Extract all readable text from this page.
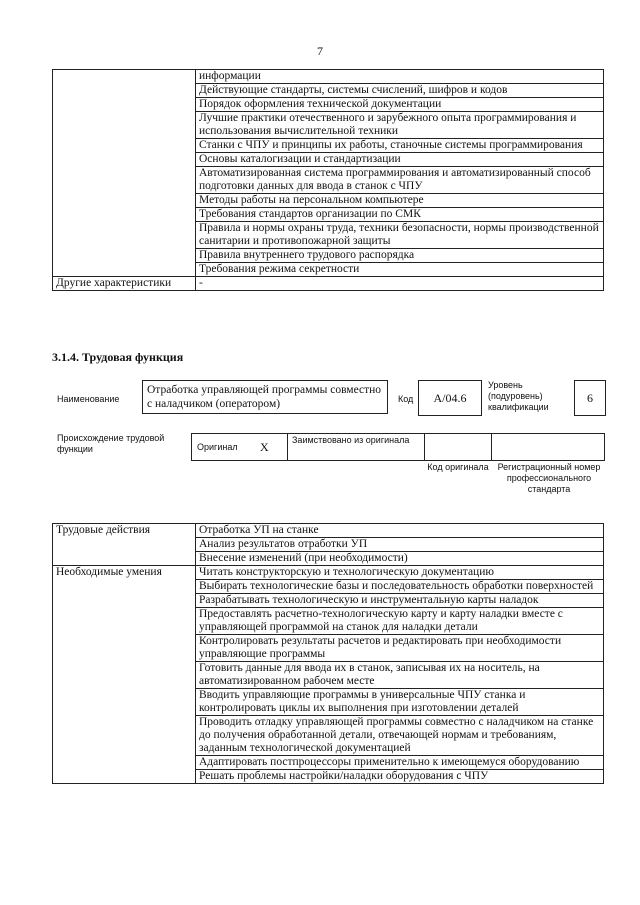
7
	информации
	Действующие стандарты, системы счислений, шифров и кодов
	Порядок оформления технической документации
	Лучшие практики отечественного и зарубежного опыта программирования и использования вычислительной техники
	Станки с ЧПУ и принципы их работы, станочные системы программирования
	Основы каталогизации и стандартизации
	Автоматизированная система программирования и автоматизированный способ подготовки данных для ввода в станок с ЧПУ
	Методы работы на персональном компьютере
	Требования стандартов организации по СМК
	Правила и нормы охраны труда, техники безопасности, нормы производственной санитарии и противопожарной защиты
	Правила внутреннего трудового распорядка
	Требования режима секретности
Другие характеристики	-
3.1.4. Трудовая функция
Наименование
Отработка управляющей программы совместно с наладчиком (оператором)	Код	А/04.6
Уровень (подуровень) квалификации
6
Происхождение трудовой функции	Оригинал X	Заимствовано из оригинала
Код оригинала Регистрационный номер профессионального стандарта
Трудовые действия	Отработка УП на станке
	Анализ результатов отработки УП
	Внесение изменений (при необходимости)
Необходимые умения	Читать конструкторскую и технологическую документацию
	Выбирать технологические базы и последовательность обработки поверхностей
	Разрабатывать технологическую и инструментальную карты наладок
	Предоставлять расчетно-технологическую карту и карту наладки вместе с управляющей программой на станок для наладки детали
	Контролировать результаты расчетов и редактировать при необходимости управляющие программы
	Готовить данные для ввода их в станок, записывая их на носитель, на автоматизированном рабочем месте
	Вводить управляющие программы в универсальные ЧПУ станка и контролировать циклы их выполнения при изготовлении деталей
	Проводить отладку управляющей программы совместно с наладчиком на станке до получения обработанной детали, отвечающей нормам и требованиям, заданным технологической документацией
	Адаптировать постпроцессоры применительно к имеющемуся оборудованию
	Решать проблемы настройки/наладки оборудования с ЧПУ
